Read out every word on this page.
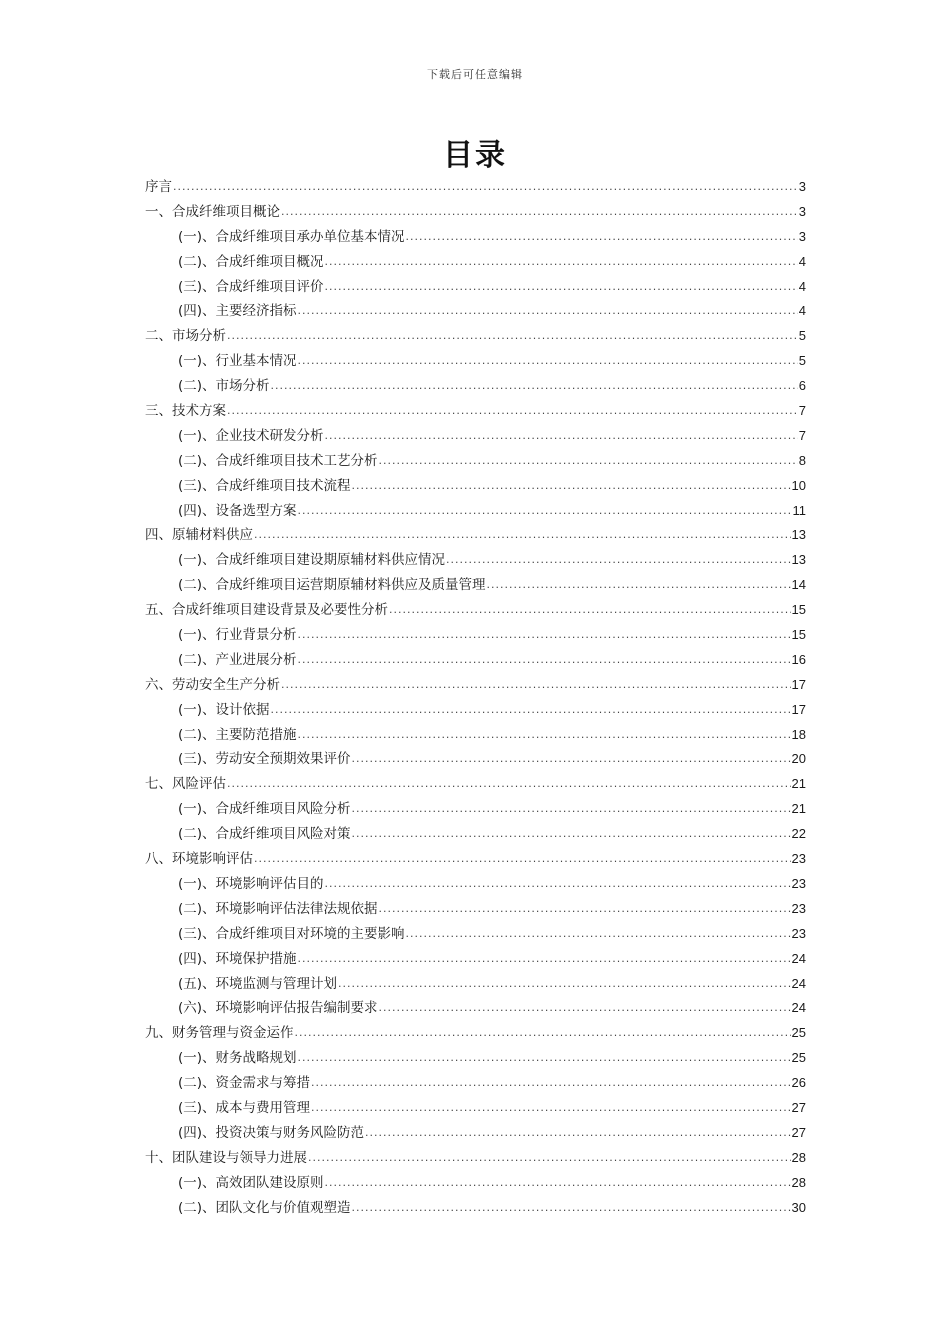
下载后可任意编辑
目录
序言 .....	3
一、合成纤维项目概论 .....	3
(一)、合成纤维项目承办单位基本情况 .....	3
(二)、合成纤维项目概况 .....	4
(三)、合成纤维项目评价 .....	4
(四)、主要经济指标 .....	4
二、市场分析 .....	5
(一)、行业基本情况 .....	5
(二)、市场分析 .....	6
三、技术方案 .....	7
(一)、企业技术研发分析 .....	7
(二)、合成纤维项目技术工艺分析 .....	8
(三)、合成纤维项目技术流程 .....	10
(四)、设备选型方案 .....	11
四、原辅材料供应 .....	13
(一)、合成纤维项目建设期原辅材料供应情况 .....	13
(二)、合成纤维项目运营期原辅材料供应及质量管理 .....	14
五、合成纤维项目建设背景及必要性分析 .....	15
(一)、行业背景分析 .....	15
(二)、产业进展分析 .....	16
六、劳动安全生产分析 .....	17
(一)、设计依据 .....	17
(二)、主要防范措施 .....	18
(三)、劳动安全预期效果评价 .....	20
七、风险评估 .....	21
(一)、合成纤维项目风险分析 .....	21
(二)、合成纤维项目风险对策 .....	22
八、环境影响评估 .....	23
(一)、环境影响评估目的 .....	23
(二)、环境影响评估法律法规依据 .....	23
(三)、合成纤维项目对环境的主要影响 .....	23
(四)、环境保护措施 .....	24
(五)、环境监测与管理计划 .....	24
(六)、环境影响评估报告编制要求 .....	24
九、财务管理与资金运作 .....	25
(一)、财务战略规划 .....	25
(二)、资金需求与筹措 .....	26
(三)、成本与费用管理 .....	27
(四)、投资决策与财务风险防范 .....	27
十、团队建设与领导力进展 .....	28
(一)、高效团队建设原则 .....	28
(二)、团队文化与价值观塑造 .....	30
